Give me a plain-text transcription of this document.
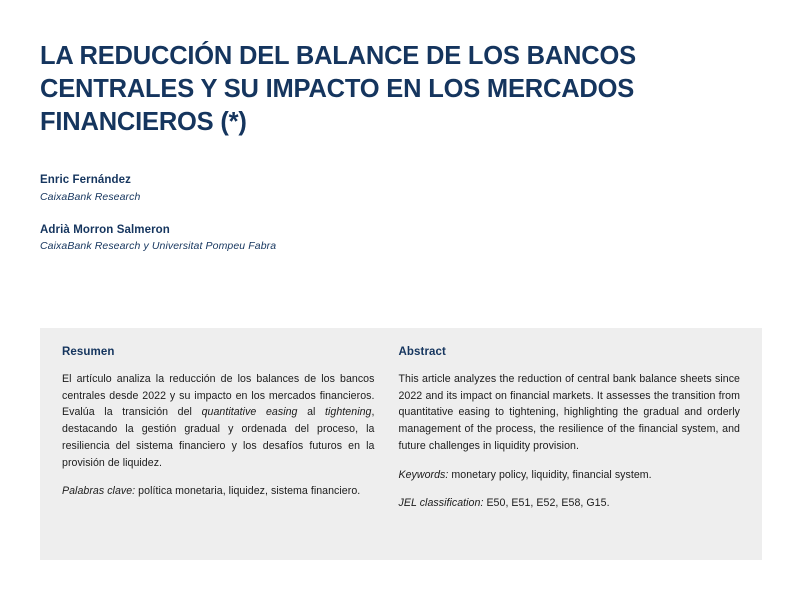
LA REDUCCIÓN DEL BALANCE DE LOS BANCOS CENTRALES Y SU IMPACTO EN LOS MERCADOS FINANCIEROS (*)
Enric Fernández
CaixaBank Research
Adrià Morron Salmeron
CaixaBank Research y Universitat Pompeu Fabra
Resumen

El artículo analiza la reducción de los balances de los bancos centrales desde 2022 y su impacto en los mercados financieros. Evalúa la transición del quantitative easing al tightening, destacando la gestión gradual y ordenada del proceso, la resiliencia del sistema financiero y los desafíos futuros en la provisión de liquidez.

Palabras clave: política monetaria, liquidez, sistema financiero.

Abstract

This article analyzes the reduction of central bank balance sheets since 2022 and its impact on financial markets. It assesses the transition from quantitative easing to tightening, highlighting the gradual and orderly management of the process, the resilience of the financial system, and future challenges in liquidity provision.

Keywords: monetary policy, liquidity, financial system.

JEL classification: E50, E51, E52, E58, G15.
